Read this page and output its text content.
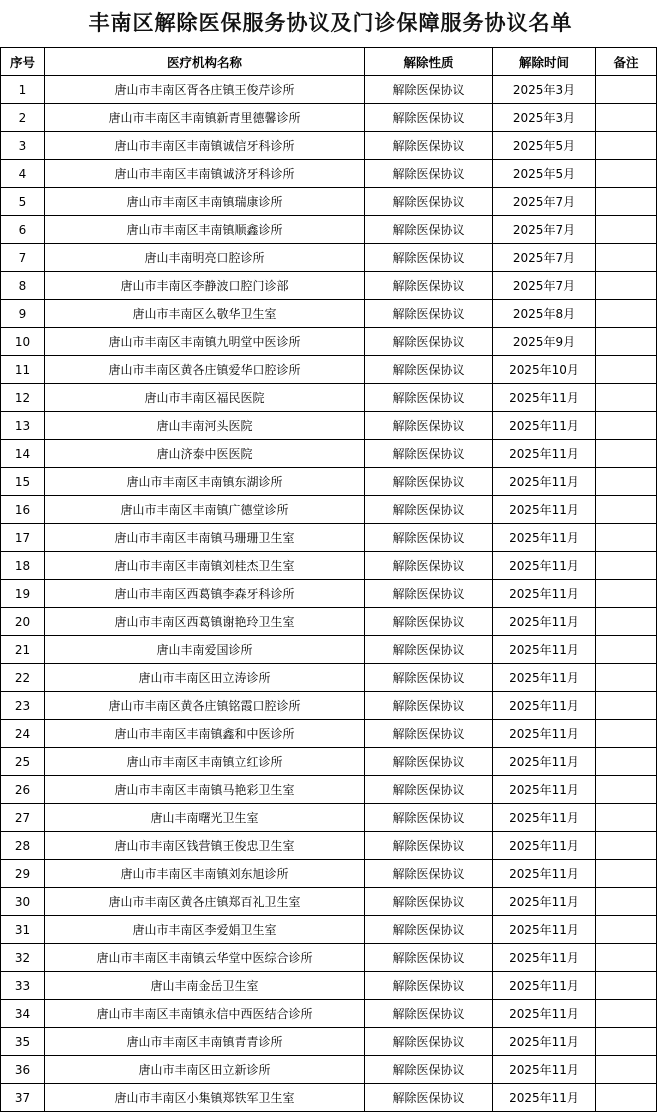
丰南区解除医保服务协议及门诊保障服务协议名单
序号	医疗机构名称	解除性质	解除时间	备注
1	唐山市丰南区胥各庄镇王俊芹诊所	解除医保协议	2025年3月	
2	唐山市丰南区丰南镇新青里德馨诊所	解除医保协议	2025年3月	
3	唐山市丰南区丰南镇诚信牙科诊所	解除医保协议	2025年5月	
4	唐山市丰南区丰南镇诚济牙科诊所	解除医保协议	2025年5月	
5	唐山市丰南区丰南镇瑞康诊所	解除医保协议	2025年7月	
6	唐山市丰南区丰南镇顺鑫诊所	解除医保协议	2025年7月	
7	唐山丰南明亮口腔诊所	解除医保协议	2025年7月	
8	唐山市丰南区李静波口腔门诊部	解除医保协议	2025年7月	
9	唐山市丰南区么敬华卫生室	解除医保协议	2025年8月	
10	唐山市丰南区丰南镇九明堂中医诊所	解除医保协议	2025年9月	
11	唐山市丰南区黄各庄镇爱华口腔诊所	解除医保协议	2025年10月	
12	唐山市丰南区福民医院	解除医保协议	2025年11月	
13	唐山丰南河头医院	解除医保协议	2025年11月	
14	唐山济泰中医医院	解除医保协议	2025年11月	
15	唐山市丰南区丰南镇东湖诊所	解除医保协议	2025年11月	
16	唐山市丰南区丰南镇广德堂诊所	解除医保协议	2025年11月	
17	唐山市丰南区丰南镇马珊珊卫生室	解除医保协议	2025年11月	
18	唐山市丰南区丰南镇刘桂杰卫生室	解除医保协议	2025年11月	
19	唐山市丰南区西葛镇李森牙科诊所	解除医保协议	2025年11月	
20	唐山市丰南区西葛镇谢艳玲卫生室	解除医保协议	2025年11月	
21	唐山丰南爱国诊所	解除医保协议	2025年11月	
22	唐山市丰南区田立涛诊所	解除医保协议	2025年11月	
23	唐山市丰南区黄各庄镇铭霞口腔诊所	解除医保协议	2025年11月	
24	唐山市丰南区丰南镇鑫和中医诊所	解除医保协议	2025年11月	
25	唐山市丰南区丰南镇立红诊所	解除医保协议	2025年11月	
26	唐山市丰南区丰南镇马艳彩卫生室	解除医保协议	2025年11月	
27	唐山丰南曙光卫生室	解除医保协议	2025年11月	
28	唐山市丰南区钱营镇王俊忠卫生室	解除医保协议	2025年11月	
29	唐山市丰南区丰南镇刘东旭诊所	解除医保协议	2025年11月	
30	唐山市丰南区黄各庄镇郑百礼卫生室	解除医保协议	2025年11月	
31	唐山市丰南区李爱娟卫生室	解除医保协议	2025年11月	
32	唐山市丰南区丰南镇云华堂中医综合诊所	解除医保协议	2025年11月	
33	唐山丰南金岳卫生室	解除医保协议	2025年11月	
34	唐山市丰南区丰南镇永信中西医结合诊所	解除医保协议	2025年11月	
35	唐山市丰南区丰南镇青青诊所	解除医保协议	2025年11月	
36	唐山市丰南区田立新诊所	解除医保协议	2025年11月	
37	唐山市丰南区小集镇郑铁军卫生室	解除医保协议	2025年11月	
